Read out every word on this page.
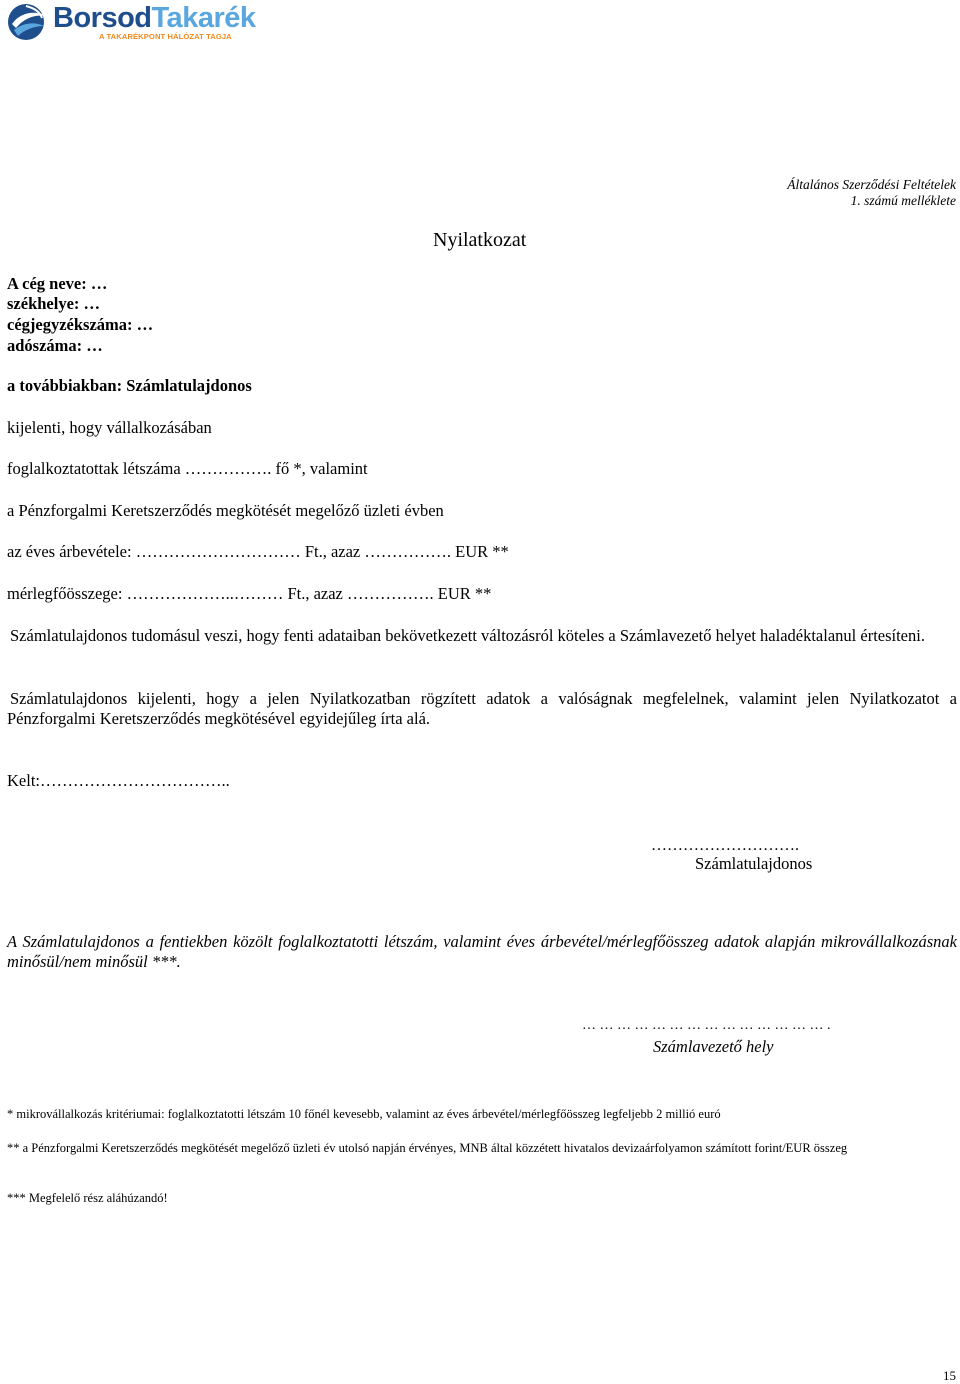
BorsodTakarék
A TAKARÉKPONT HÁLÓZAT TAGJA
Általános Szerződési Feltételek
1. számú melléklete
Nyilatkozat
A cég neve: …
székhelye: …
cégjegyzékszáma: …
adószáma: …
a továbbiakban: Számlatulajdonos
kijelenti, hogy vállalkozásában
foglalkoztatottak létszáma ……………. fő *, valamint
a Pénzforgalmi Keretszerződés megkötését megelőző üzleti évben
az éves árbevétele: ………………………… Ft., azaz ……………. EUR **
mérlegfőösszege: ………………..……… Ft., azaz ……………. EUR **
Számlatulajdonos tudomásul veszi, hogy fenti adataiban bekövetkezett változásról köteles a Számlavezető helyet haladéktalanul értesíteni.
Számlatulajdonos kijelenti, hogy a jelen Nyilatkozatban rögzített adatok a valóságnak megfelelnek, valamint jelen Nyilatkozatot a Pénzforgalmi Keretszerződés megkötésével egyidejűleg írta alá.
Kelt:……………………………..
……………………….
Számlatulajdonos
A Számlatulajdonos a fentiekben közölt foglalkoztatotti létszám, valamint éves árbevétel/mérlegfőösszeg adatok alapján mikrovállalkozásnak minősül/nem minősül ***.
… … … … … … … … … … … … … … .
Számlavezető hely
* mikrovállalkozás kritériumai: foglalkoztatotti létszám 10 főnél kevesebb, valamint az éves árbevétel/mérlegfőösszeg legfeljebb 2 millió euró
** a Pénzforgalmi Keretszerződés megkötését megelőző üzleti év utolsó napján érvényes, MNB által közzétett hivatalos devizaárfolyamon számított forint/EUR összeg
*** Megfelelő rész aláhúzandó!
15
